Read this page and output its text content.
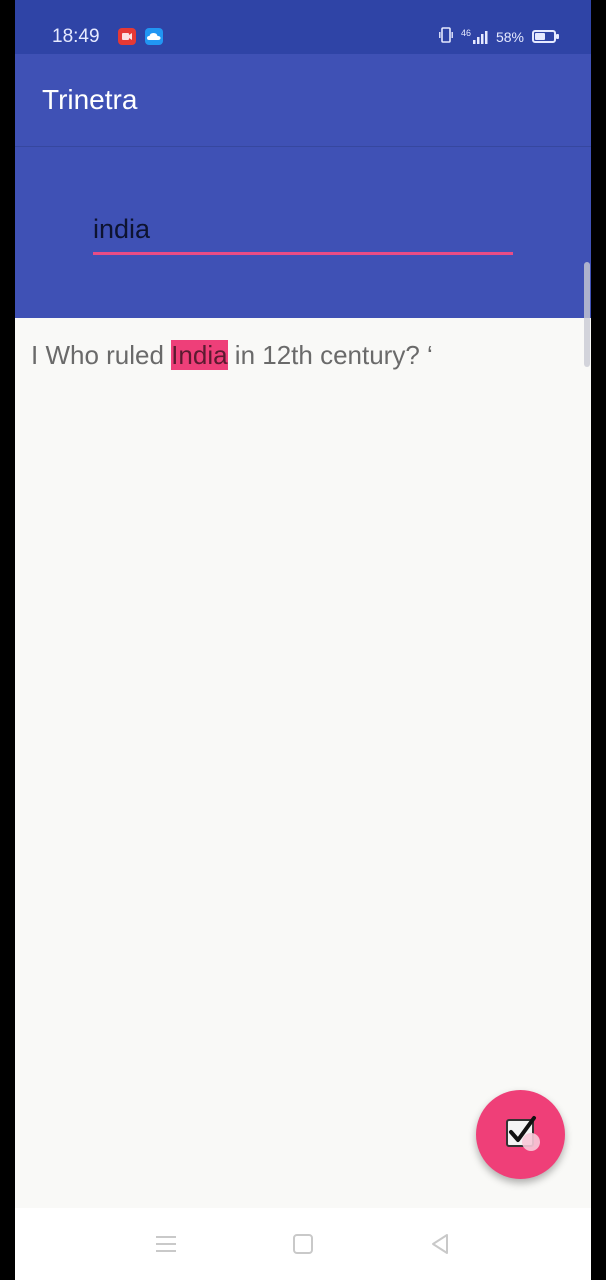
18:49	46 58%
Trinetra
india
I Who ruled India in 12th century? ‘
